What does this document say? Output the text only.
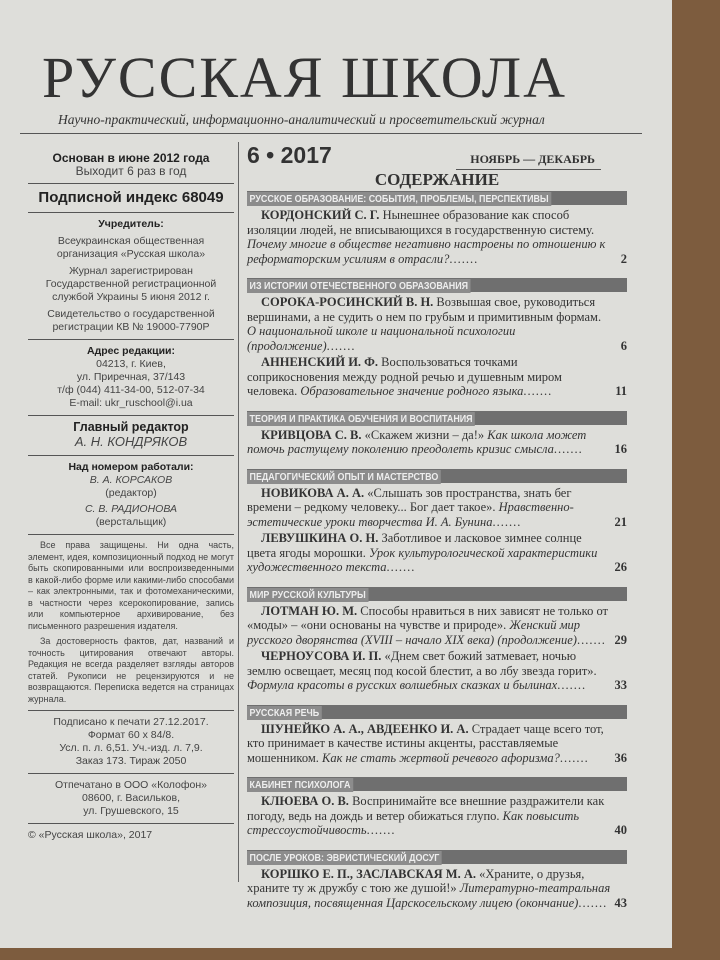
РУССКАЯ ШКОЛА
Научно-практический, информационно-аналитический и просветительский журнал
Основан в июне 2012 года
Выходит 6 раз в год
Подписной индекс 68049
Учредитель:

Всеукраинская общественная организация «Русская школа»

Журнал зарегистрирован Государственной регистрационной службой Украины 5 июня 2012 г.

Свидетельство о государственной регистрации КВ № 19000-7790Р

Адрес редакции:
04213, г. Киев,
ул. Приречная, 37/143
т/ф (044) 411-34-00, 512-07-34
E-mail: ukr_ruschool@i.ua
Главный редактор
А. Н. КОНДРЯКОВ
Над номером работали:
В. А. КОРСАКОВ
(редактор)
С. В. РАДИОНОВА
(верстальщик)

Все права защищены. Ни одна часть, элемент, идея, композиционный подход не могут быть скопированными или воспроизведенными в какой-либо форме или какими-либо способами – как электронными, так и фотомеханическими, в частности через ксерокопирование, запись или компьютерное архивирование, без письменного разрешения издателя.

За достоверность фактов, дат, названий и точность цитирования отвечают авторы. Редакция не всегда разделяет взгляды авторов статей. Рукописи не рецензируются и не возвращаются. Переписка ведется на страницах журнала.

Подписано к печати 27.12.2017.
Формат 60 x 84/8.
Усл. п. л. 6,51. Уч.-изд. л. 7,9.
Заказ 173. Тираж 2050
Отпечатано в ООО «Колофон»
08600, г. Васильков,
ул. Грушевского, 15
© «Русская школа», 2017
6 • 2017	НОЯБРЬ — ДЕКАБРЬ
СОДЕРЖАНИЕ
РУССКОЕ ОБРАЗОВАНИЕ: СОБЫТИЯ, ПРОБЛЕМЫ, ПЕРСПЕКТИВЫ
КОРДОНСКИЙ С. Г. Нынешнее образование как способ изоляции людей, не вписывающихся в государственную систему. Почему многие в обществе негативно настроены по отношению к реформаторским усилиям в отрасли?.......	2
ИЗ ИСТОРИИ ОТЕЧЕСТВЕННОГО ОБРАЗОВАНИЯ
СОРОКА-РОСИНСКИЙ В. Н. Возвышая свое, руководиться вершинами, а не судить о нем по грубым и примитивным формам. О национальной школе и национальной психологии (продолжение).......	6
АННЕНСКИЙ И. Ф. Воспользоваться точками соприкосновения между родной речью и душевным миром человека. Образовательное значение родного языка.......	11
ТЕОРИЯ И ПРАКТИКА ОБУЧЕНИЯ И ВОСПИТАНИЯ
КРИВЦОВА С. В. «Скажем жизни – да!» Как школа может помочь растущему поколению преодолеть кризис смысла.......	16
ПЕДАГОГИЧЕСКИЙ ОПЫТ И МАСТЕРСТВО
НОВИКОВА А. А. «Слышать зов пространства, знать бег времени – редкому человеку... Бог дает такое». Нравственно-эстетические уроки творчества И. А. Бунина.......	21
ЛЕВУШКИНА О. Н. Заботливое и ласковое зимнее солнце цвета ягоды морошки. Урок культурологической характеристики художественного текста.......	26
МИР РУССКОЙ КУЛЬТУРЫ
ЛОТМАН Ю. М. Способы нравиться в них зависят не только от «моды» – «они основаны на чувстве и природе». Женский мир русского дворянства (XVIII – начало XIX века) (продолжение)....... 29
ЧЕРНОУСОВА И. П. «Днем свет божий затмевает, ночью землю освещает, месяц под косой блестит, а во лбу звезда горит». Формула красоты в русских волшебных сказках и былинах.......	33
РУССКАЯ РЕЧЬ
ШУНЕЙКО А. А., АВДЕЕНКО И. А. Страдает чаще всего тот, кто принимает в качестве истины акценты, расставляемые мошенником. Как не стать жертвой речевого афоризма?.......	36
КАБИНЕТ ПСИХОЛОГА
КЛЮЕВА О. В. Воспринимайте все внешние раздражители как погоду, ведь на дождь и ветер обижаться глупо. Как повысить стрессоустойчивость.......	40
ПОСЛЕ УРОКОВ: ЭВРИСТИЧЕСКИЙ ДОСУГ
КОРШКО Е. П., ЗАСЛАВСКАЯ М. А. «Храните, о друзья, храните ту ж дружбу с тою же душой!» Литературно-театральная композиция, посвященная Царскосельскому лицею (окончание)....... 43
